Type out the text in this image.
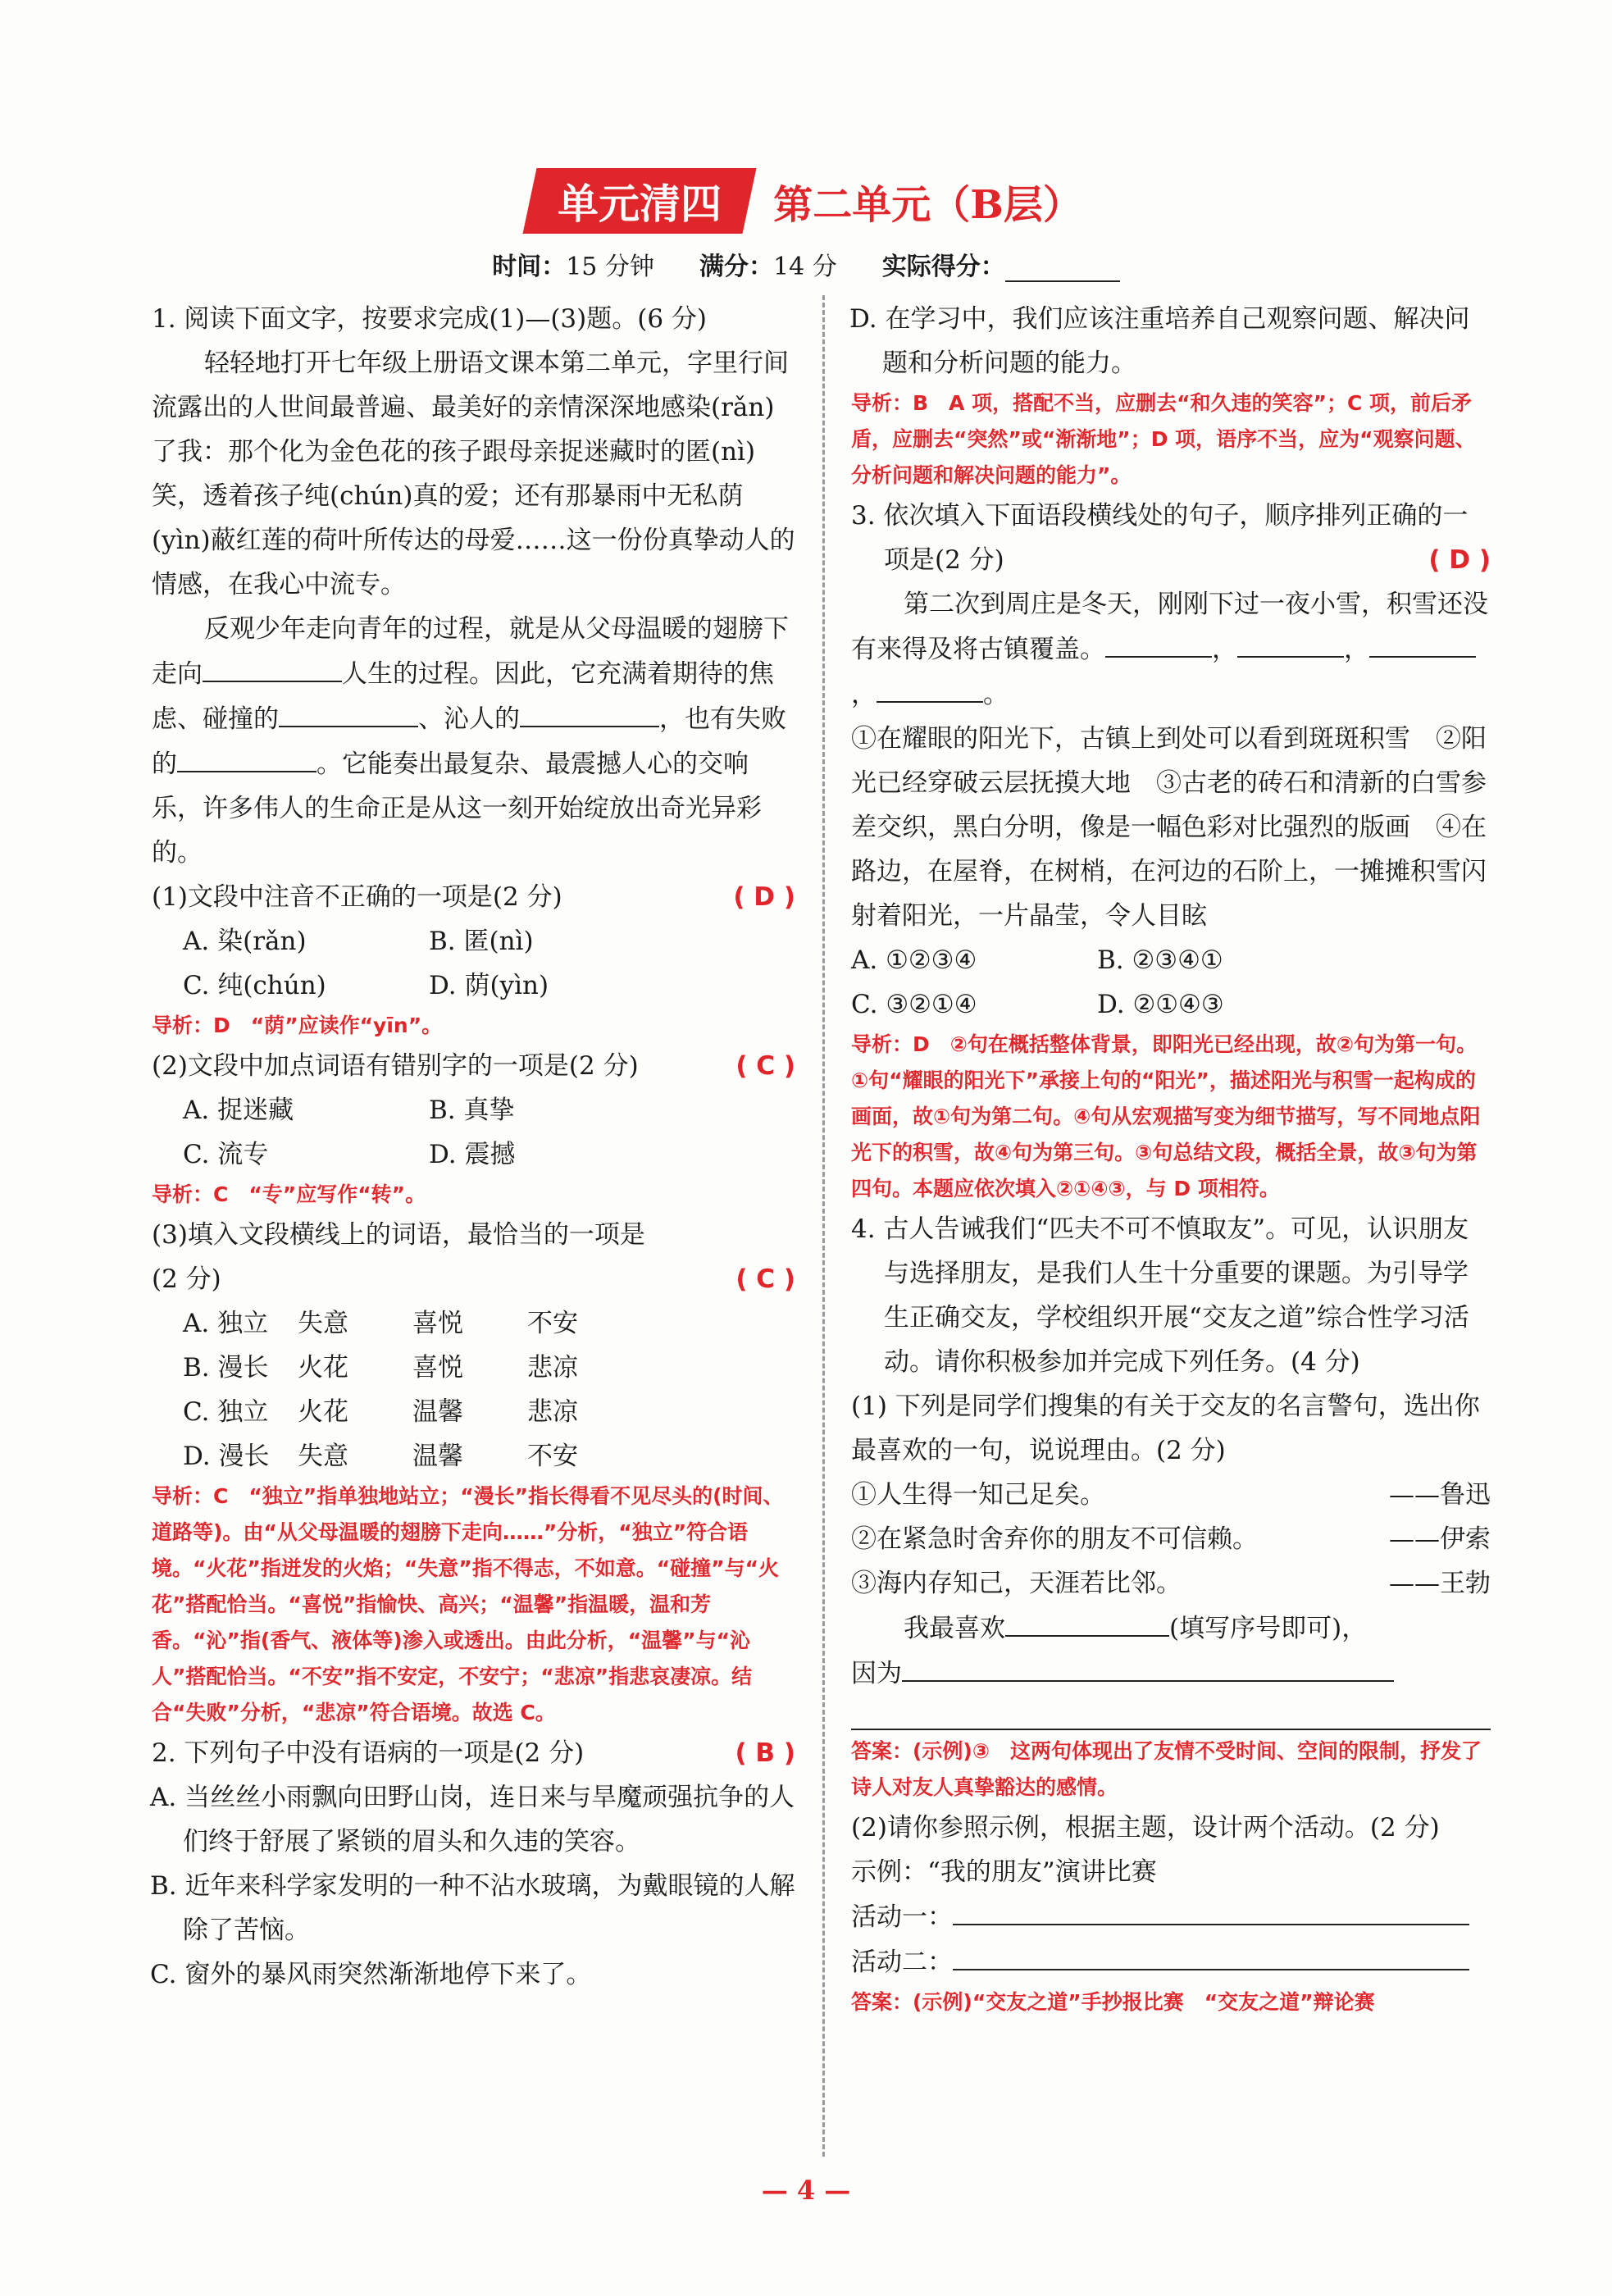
单元清四 第二单元（B层）
时间：15 分钟 满分：14 分 实际得分：

1. 阅读下面文字，按要求完成(1)—(3)题。(6 分)

轻轻地打开七年级上册语文课本第二单元，字里行间流露出的人世间最普遍、最美好的亲情深深地感染(rǎn)了我：那个化为金色花的孩子跟母亲捉迷藏时的匿(nì)笑，透着孩子纯(chún)真的爱；还有那暴雨中无私荫(yìn)蔽红莲的荷叶所传达的母爱……这一份份真挚动人的情感，在我心中流专。

反观少年走向青年的过程，就是从父母温暖的翅膀下走向	人生的过程。因此，它充满着期待的焦虑、碰撞的	、沁人的	，也有失败的	。它能奏出最复杂、最震撼人心的交响乐，许多伟人的生命正是从这一刻开始绽放出奇光异彩的。

(1)文段中注音不正确的一项是(2 分)	( D )

A. 染(rǎn)	B. 匿(nì)
C. 纯(chún)	D. 荫(yìn)

导析：D　“荫”应读作“yīn”。

(2)文段中加点词语有错别字的一项是(2 分)	( C )

A. 捉迷藏	B. 真挚
C. 流专	D. 震撼

导析：C　“专”应写作“转”。

(3)填入文段横线上的词语，最恰当的一项是

(2 分)	( C )

A. 独立	失意	喜悦	不安
B. 漫长	火花	喜悦	悲凉
C. 独立	火花	温馨	悲凉
D. 漫长	失意	温馨	不安

导析：C　“独立”指单独地站立；“漫长”指长得看不见尽头的(时间、道路等)。由“从父母温暖的翅膀下走向……”分析，“独立”符合语境。“火花”指迸发的火焰；“失意”指不得志，不如意。“碰撞”与“火花”搭配恰当。“喜悦”指愉快、高兴；“温馨”指温暖，温和芳香。“沁”指(香气、液体等)渗入或透出。由此分析，“温馨”与“沁人”搭配恰当。“不安”指不安定，不安宁；“悲凉”指悲哀凄凉。结合“失败”分析，“悲凉”符合语境。故选 C。

2. 下列句子中没有语病的一项是(2 分)	( B )

A. 当丝丝小雨飘向田野山岗，连日来与旱魔顽强抗争的人们终于舒展了紧锁的眉头和久违的笑容。

B. 近年来科学家发明的一种不沾水玻璃，为戴眼镜的人解除了苦恼。

C. 窗外的暴风雨突然渐渐地停下来了。

D. 在学习中，我们应该注重培养自己观察问题、解决问题和分析问题的能力。

导析：B　A 项，搭配不当，应删去“和久违的笑容”；C 项，前后矛盾，应删去“突然”或“渐渐地”；D 项，语序不当，应为“观察问题、分析问题和解决问题的能力”。

3. 依次填入下面语段横线处的句子，顺序排列正确的一项是(2 分)	( D )

第二次到周庄是冬天，刚刚下过一夜小雪，积雪还没有来得及将古镇覆盖。	，	，，	。

①在耀眼的阳光下，古镇上到处可以看到斑斑积雪　②阳光已经穿破云层抚摸大地　③古老的砖石和清新的白雪参差交织，黑白分明，像是一幅色彩对比强烈的版画　④在路边，在屋脊，在树梢，在河边的石阶上，一摊摊积雪闪射着阳光，一片晶莹，令人目眩

A. ①②③④	B. ②③④①
C. ③②①④	D. ②①④③

导析：D　②句在概括整体背景，即阳光已经出现，故②句为第一句。①句“耀眼的阳光下”承接上句的“阳光”，描述阳光与积雪一起构成的画面，故①句为第二句。④句从宏观描写变为细节描写，写不同地点阳光下的积雪，故④句为第三句。③句总结文段，概括全景，故③句为第四句。本题应依次填入②①④③，与 D 项相符。

4. 古人告诫我们“匹夫不可不慎取友”。可见，认识朋友与选择朋友，是我们人生十分重要的课题。为引导学生正确交友，学校组织开展“交友之道”综合性学习活动。请你积极参加并完成下列任务。(4 分)

(1) 下列是同学们搜集的有关于交友的名言警句，选出你最喜欢的一句，说说理由。(2 分)

①人生得一知己足矣。	——鲁迅
②在紧急时舍弃你的朋友不可信赖。	——伊索
③海内存知己，天涯若比邻。	——王勃

我最喜欢	(填写序号即可)，

因为

答案：(示例)③　这两句体现出了友情不受时间、空间的限制，抒发了诗人对友人真挚豁达的感情。

(2)请你参照示例，根据主题，设计两个活动。(2 分)

示例：“我的朋友”演讲比赛

活动一：

活动二：

答案：(示例)“交友之道”手抄报比赛　“交友之道”辩论赛

— 4 —
